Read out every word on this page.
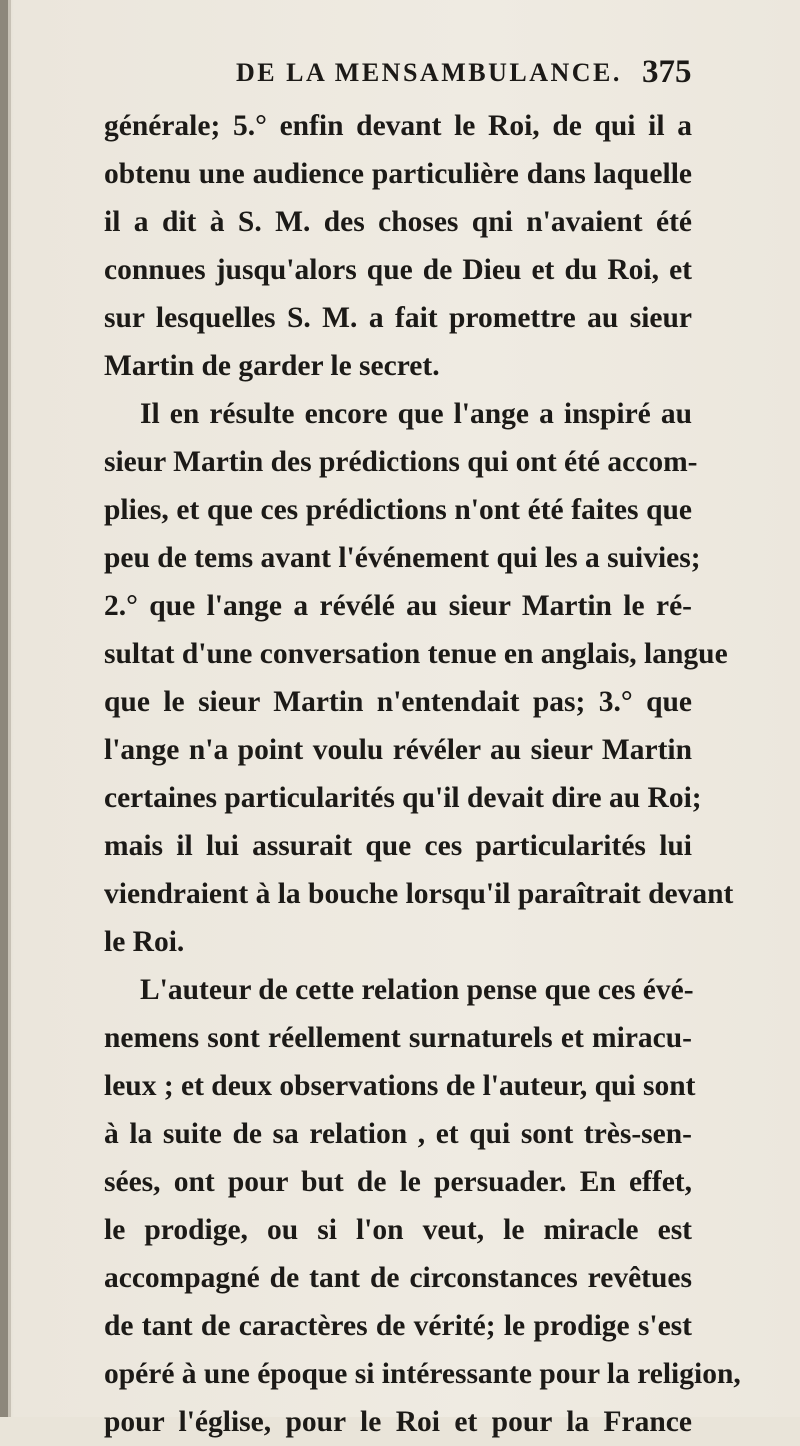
DE LA MENSAMBULANCE. 375
générale; 5.° enfin devant le Roi, de qui il a
obtenu une audience particulière dans laquelle
il a dit à S. M. des choses qni n'avaient été
connues jusqu'alors que de Dieu et du Roi, et
sur lesquelles S. M. a fait promettre au sieur
Martin de garder le secret.
Il en résulte encore que l'ange a inspiré au
sieur Martin des prédictions qui ont été accom-
plies, et que ces prédictions n'ont été faites que
peu de tems avant l'événement qui les a suivies;
2.° que l'ange a révélé au sieur Martin le ré-
sultat d'une conversation tenue en anglais, langue
que le sieur Martin n'entendait pas; 3.° que
l'ange n'a point voulu révéler au sieur Martin
certaines particularités qu'il devait dire au Roi;
mais il lui assurait que ces particularités lui
viendraient à la bouche lorsqu'il paraîtrait devant
le Roi.
L'auteur de cette relation pense que ces évé-
nemens sont réellement surnaturels et miracu-
leux ; et deux observations de l'auteur, qui sont
à la suite de sa relation , et qui sont très-sen-
sées, ont pour but de le persuader. En effet,
le prodige, ou si l'on veut, le miracle est
accompagné de tant de circonstances revêtues
de tant de caractères de vérité; le prodige s'est
opéré à une époque si intéressante pour la religion,
pour l'église, pour le Roi et pour la France
